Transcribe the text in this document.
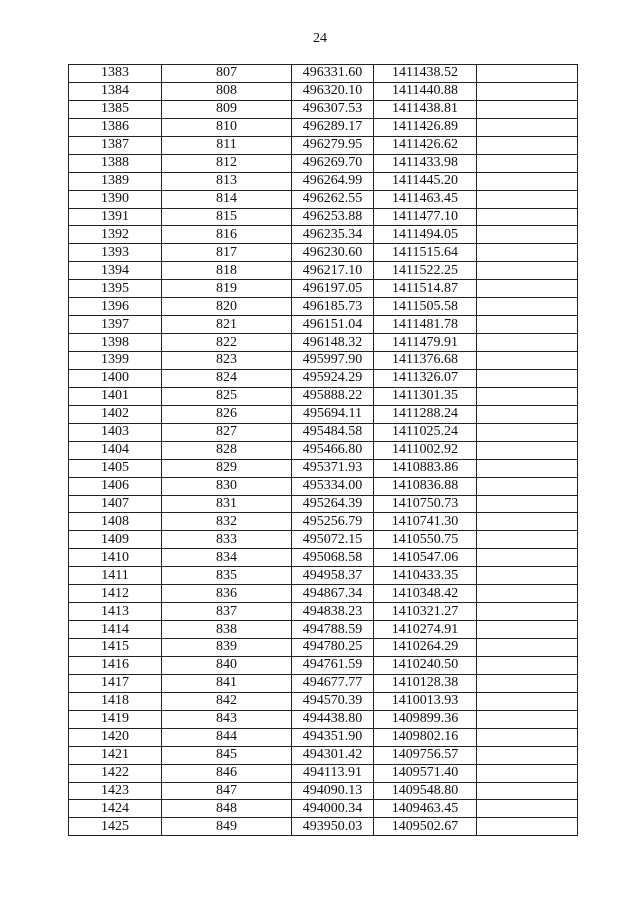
24
1383	807	496331.60	1411438.52	
1384	808	496320.10	1411440.88	
1385	809	496307.53	1411438.81	
1386	810	496289.17	1411426.89	
1387	811	496279.95	1411426.62	
1388	812	496269.70	1411433.98	
1389	813	496264.99	1411445.20	
1390	814	496262.55	1411463.45	
1391	815	496253.88	1411477.10	
1392	816	496235.34	1411494.05	
1393	817	496230.60	1411515.64	
1394	818	496217.10	1411522.25	
1395	819	496197.05	1411514.87	
1396	820	496185.73	1411505.58	
1397	821	496151.04	1411481.78	
1398	822	496148.32	1411479.91	
1399	823	495997.90	1411376.68	
1400	824	495924.29	1411326.07	
1401	825	495888.22	1411301.35	
1402	826	495694.11	1411288.24	
1403	827	495484.58	1411025.24	
1404	828	495466.80	1411002.92	
1405	829	495371.93	1410883.86	
1406	830	495334.00	1410836.88	
1407	831	495264.39	1410750.73	
1408	832	495256.79	1410741.30	
1409	833	495072.15	1410550.75	
1410	834	495068.58	1410547.06	
1411	835	494958.37	1410433.35	
1412	836	494867.34	1410348.42	
1413	837	494838.23	1410321.27	
1414	838	494788.59	1410274.91	
1415	839	494780.25	1410264.29	
1416	840	494761.59	1410240.50	
1417	841	494677.77	1410128.38	
1418	842	494570.39	1410013.93	
1419	843	494438.80	1409899.36	
1420	844	494351.90	1409802.16	
1421	845	494301.42	1409756.57	
1422	846	494113.91	1409571.40	
1423	847	494090.13	1409548.80	
1424	848	494000.34	1409463.45	
1425	849	493950.03	1409502.67	
